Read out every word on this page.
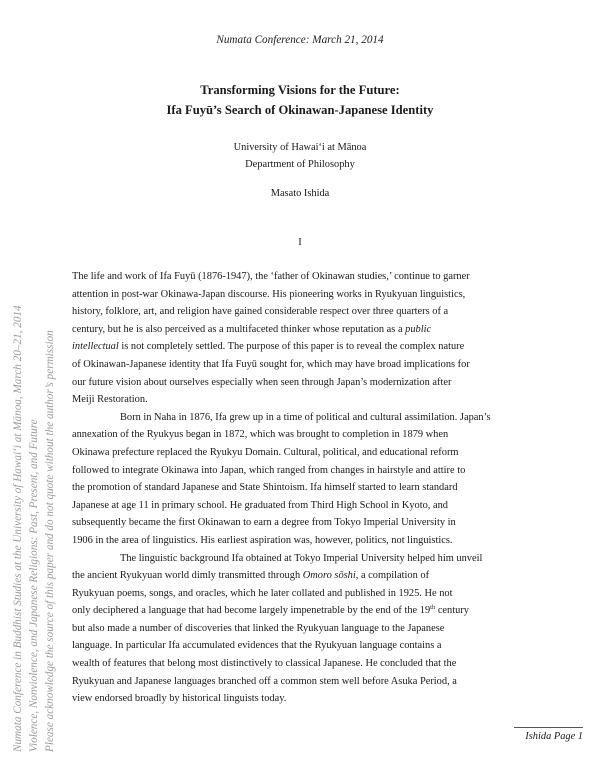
Numata Conference in Buddhist Studies at the University of Hawai‘i at Mānoa, March 20–21, 2014 Violence, Nonviolence, and Japanese Religions: Past, Present, and Future Please acknowledge the source of this paper and do not quote without the author’s permission
Numata Conference: March 21, 2014
Transforming Visions for the Future:
Ifa Fuyū’s Search of Okinawan-Japanese Identity
University of Hawai‘i at Mānoa
Department of Philosophy
Masato Ishida
I
The life and work of Ifa Fuyū (1876-1947), the ‘father of Okinawan studies,’ continue to garner
attention in post-war Okinawa-Japan discourse. His pioneering works in Ryukyuan linguistics,
history, folklore, art, and religion have gained considerable respect over three quarters of a
century, but he is also perceived as a multifaceted thinker whose reputation as a public
intellectual is not completely settled. The purpose of this paper is to reveal the complex nature
of Okinawan-Japanese identity that Ifa Fuyū sought for, which may have broad implications for
our future vision about ourselves especially when seen through Japan’s modernization after
Meiji Restoration.
Born in Naha in 1876, Ifa grew up in a time of political and cultural assimilation. Japan’s
annexation of the Ryukyus began in 1872, which was brought to completion in 1879 when
Okinawa prefecture replaced the Ryukyu Domain. Cultural, political, and educational reform
followed to integrate Okinawa into Japan, which ranged from changes in hairstyle and attire to
the promotion of standard Japanese and State Shintoism. Ifa himself started to learn standard
Japanese at age 11 in primary school. He graduated from Third High School in Kyoto, and
subsequently became the first Okinawan to earn a degree from Tokyo Imperial University in
1906 in the area of linguistics. His earliest aspiration was, however, politics, not linguistics.
The linguistic background Ifa obtained at Tokyo Imperial University helped him unveil
the ancient Ryukyuan world dimly transmitted through Omoro sōshi, a compilation of
Ryukyuan poems, songs, and oracles, which he later collated and published in 1925. He not
only deciphered a language that had become largely impenetrable by the end of the 19th century
but also made a number of discoveries that linked the Ryukyuan language to the Japanese
language. In particular Ifa accumulated evidences that the Ryukyuan language contains a
wealth of features that belong most distinctively to classical Japanese. He concluded that the
Ryukyuan and Japanese languages branched off a common stem well before Asuka Period, a
view endorsed broadly by historical linguists today.
Ishida Page 1
